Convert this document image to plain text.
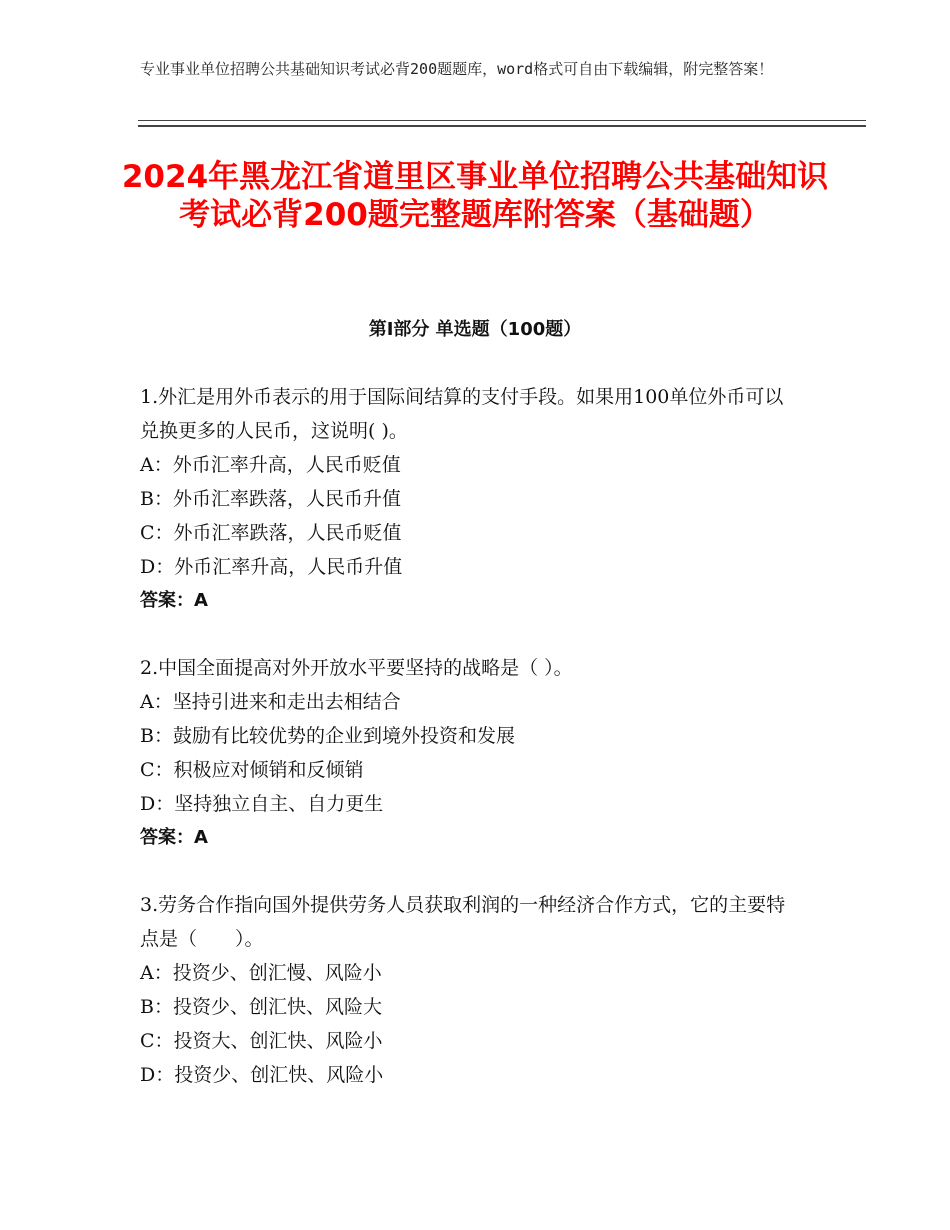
专业事业单位招聘公共基础知识考试必背200题题库，word格式可自由下载编辑，附完整答案！
2024年黑龙江省道里区事业单位招聘公共基础知识考试必背200题完整题库附答案（基础题）
第Ⅰ部分 单选题（100题）

1.外汇是用外币表示的用于国际间结算的支付手段。如果用100单位外币可以兑换更多的人民币，这说明( )。

A：外币汇率升高，人民币贬值

B：外币汇率跌落，人民币升值

C：外币汇率跌落，人民币贬值

D：外币汇率升高，人民币升值

答案：A

2.中国全面提高对外开放水平要坚持的战略是（ ）。

A：坚持引进来和走出去相结合

B：鼓励有比较优势的企业到境外投资和发展

C：积极应对倾销和反倾销

D：坚持独立自主、自力更生

答案：A

3.劳务合作指向国外提供劳务人员获取利润的一种经济合作方式，它的主要特点是（　　）。

A：投资少、创汇慢、风险小

B：投资少、创汇快、风险大

C：投资大、创汇快、风险小

D：投资少、创汇快、风险小
